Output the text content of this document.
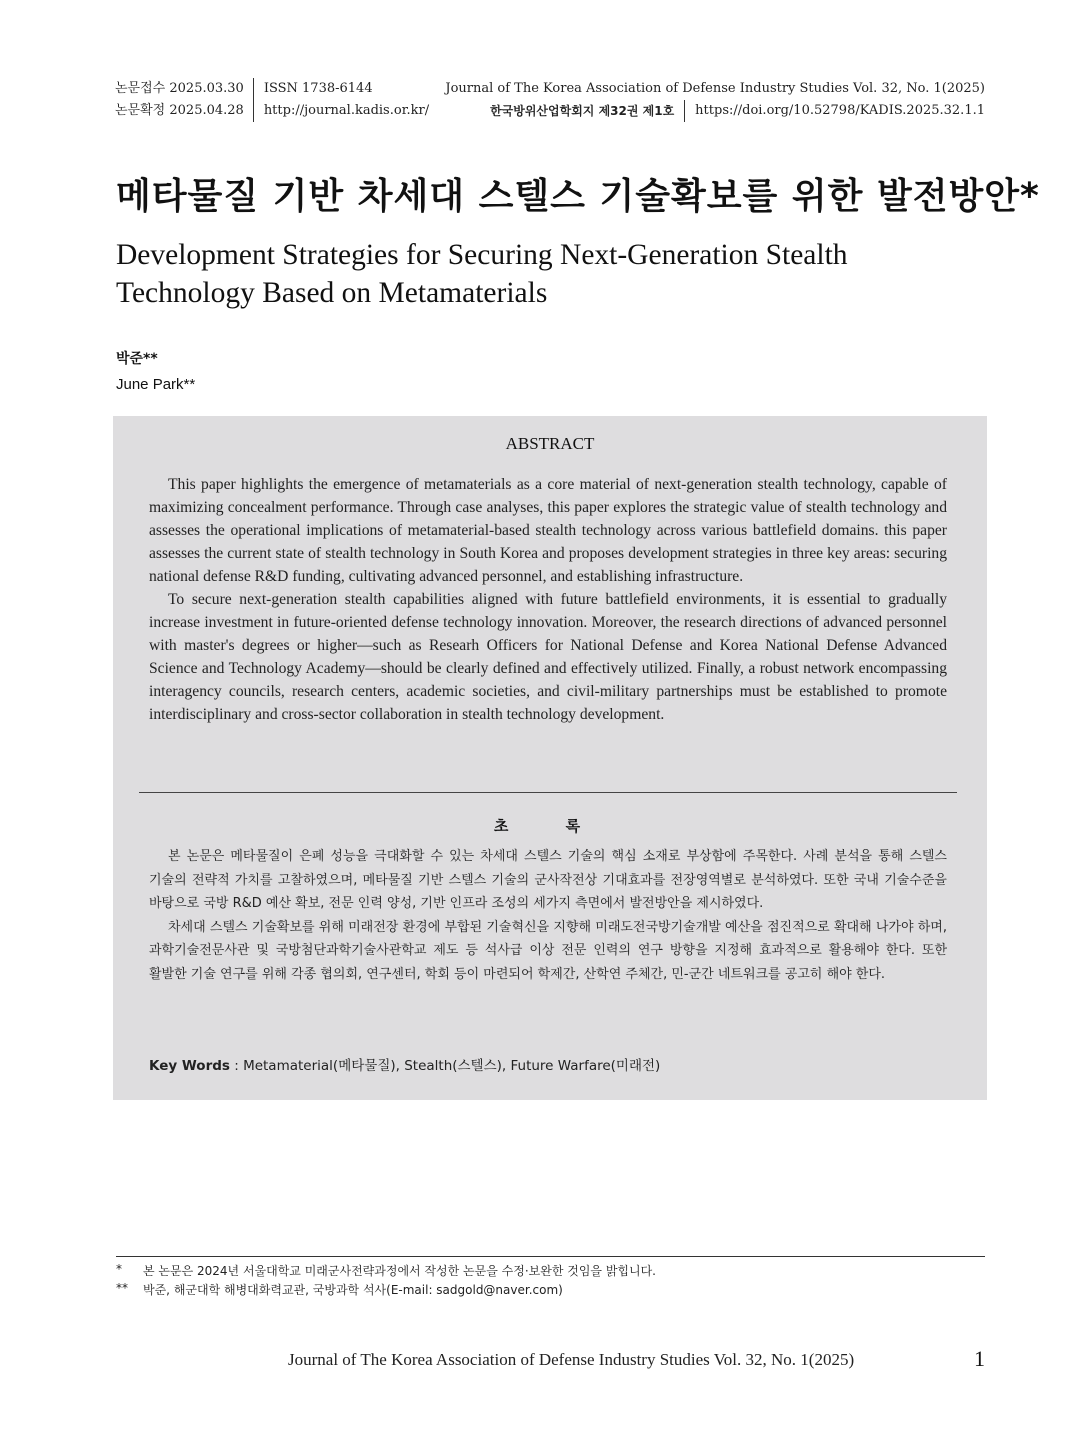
논문접수 2025.03.30
논문확정 2025.04.28
ISSN 1738-6144
http://journal.kadis.or.kr/
Journal of The Korea Association of Defense Industry Studies Vol. 32, No. 1(2025)
한국방위산업학회지 제32권 제1호	https://doi.org/10.52798/KADIS.2025.32.1.1
메타물질 기반 차세대 스텔스 기술확보를 위한 발전방안*
Development Strategies for Securing Next-Generation Stealth Technology Based on Metamaterials
박준**
June Park**
ABSTRACT

This paper highlights the emergence of metamaterials as a core material of next-generation stealth technology, capable of maximizing concealment performance. Through case analyses, this paper explores the strategic value of stealth technology and assesses the operational implications of metamaterial-based stealth technology across various battlefield domains. this paper assesses the current state of stealth technology in South Korea and proposes development strategies in three key areas: securing national defense R&D funding, cultivating advanced personnel, and establishing infrastructure.

To secure next-generation stealth capabilities aligned with future battlefield environments, it is essential to gradually increase investment in future-oriented defense technology innovation. Moreover, the research directions of advanced personnel with master's degrees or higher—such as Researh Officers for National Defense and Korea National Defense Advanced Science and Technology Academy—should be clearly defined and effectively utilized. Finally, a robust network encompassing interagency councils, research centers, academic societies, and civil-military partnerships must be established to promote interdisciplinary and cross-sector collaboration in stealth technology development.

초 록

본 논문은 메타물질이 은폐 성능을 극대화할 수 있는 차세대 스텔스 기술의 핵심 소재로 부상함에 주목한다. 사례 분석을 통해 스텔스 기술의 전략적 가치를 고찰하였으며, 메타물질 기반 스텔스 기술의 군사작전상 기대효과를 전장영역별로 분석하였다. 또한 국내 기술수준을 바탕으로 국방 R&D 예산 확보, 전문 인력 양성, 기반 인프라 조성의 세가지 측면에서 발전방안을 제시하였다.

차세대 스텔스 기술확보를 위해 미래전장 환경에 부합된 기술혁신을 지향해 미래도전국방기술개발 예산을 점진적으로 확대해 나가야 하며, 과학기술전문사관 및 국방첨단과학기술사관학교 제도 등 석사급 이상 전문 인력의 연구 방향을 지정해 효과적으로 활용해야 한다. 또한 활발한 기술 연구를 위해 각종 협의회, 연구센터, 학회 등이 마련되어 학제간, 산학연 주체간, 민-군간 네트워크를 공고히 해야 한다.

Key Words : Metamaterial(메타물질), Stealth(스텔스), Future Warfare(미래전)
*	본 논문은 2024년 서울대학교 미래군사전략과정에서 작성한 논문을 수정·보완한 것임을 밝힙니다.
**	박준, 해군대학 해병대화력교관, 국방과학 석사(E-mail: sadgold@naver.com)
Journal of The Korea Association of Defense Industry Studies Vol. 32, No. 1(2025)	1
